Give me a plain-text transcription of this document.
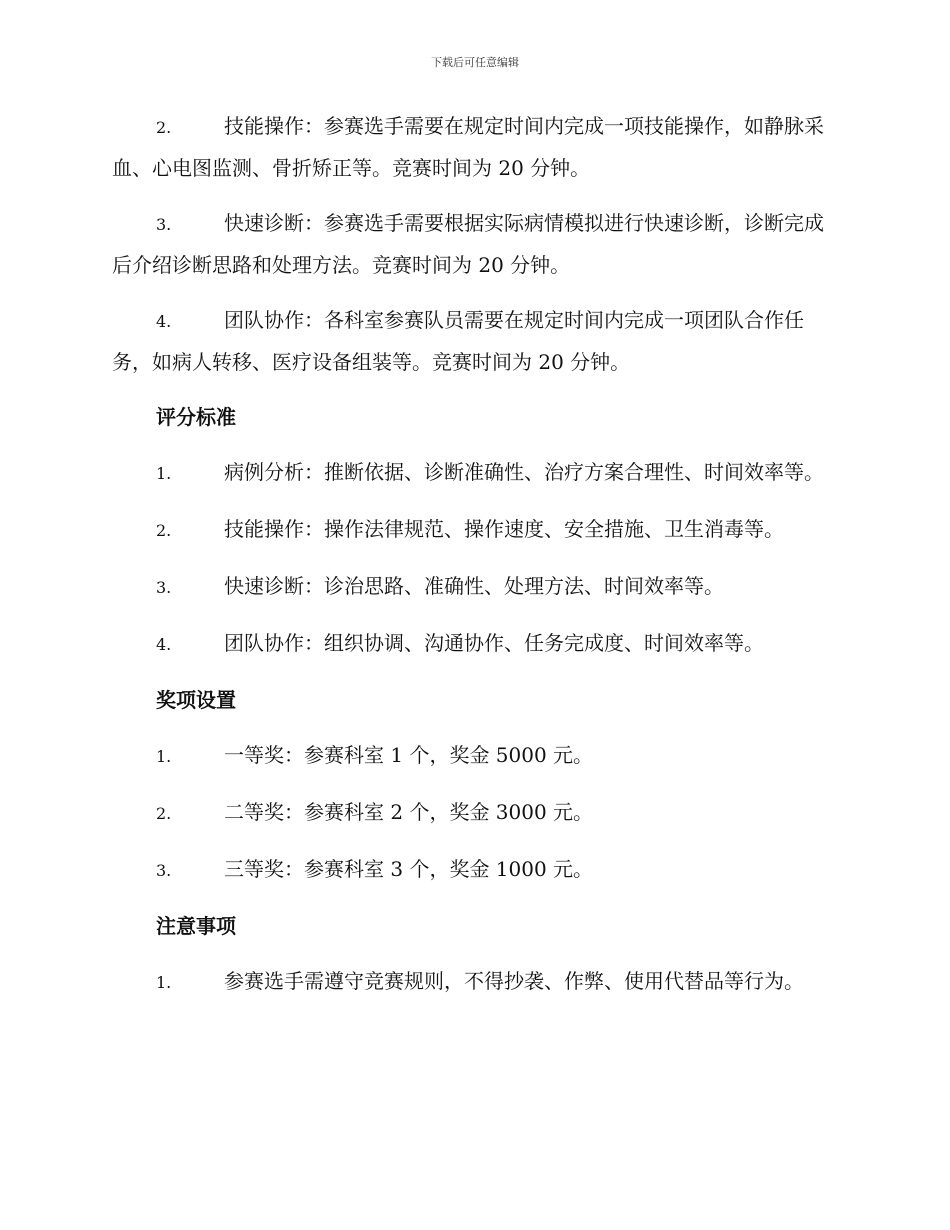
下载后可任意编辑
2.	技能操作：参赛选手需要在规定时间内完成一项技能操作，如静脉采血、心电图监测、骨折矫正等。竞赛时间为 20 分钟。
3.	快速诊断：参赛选手需要根据实际病情模拟进行快速诊断，诊断完成后介绍诊断思路和处理方法。竞赛时间为 20 分钟。
4.	团队协作：各科室参赛队员需要在规定时间内完成一项团队合作任务，如病人转移、医疗设备组装等。竞赛时间为 20 分钟。
评分标准
1.	病例分析：推断依据、诊断准确性、治疗方案合理性、时间效率等。
2.	技能操作：操作法律规范、操作速度、安全措施、卫生消毒等。
3.	快速诊断：诊治思路、准确性、处理方法、时间效率等。
4.	团队协作：组织协调、沟通协作、任务完成度、时间效率等。
奖项设置
1.	一等奖：参赛科室 1 个，奖金 5000 元。
2.	二等奖：参赛科室 2 个，奖金 3000 元。
3.	三等奖：参赛科室 3 个，奖金 1000 元。
注意事项
1.	参赛选手需遵守竞赛规则，不得抄袭、作弊、使用代替品等行为。
